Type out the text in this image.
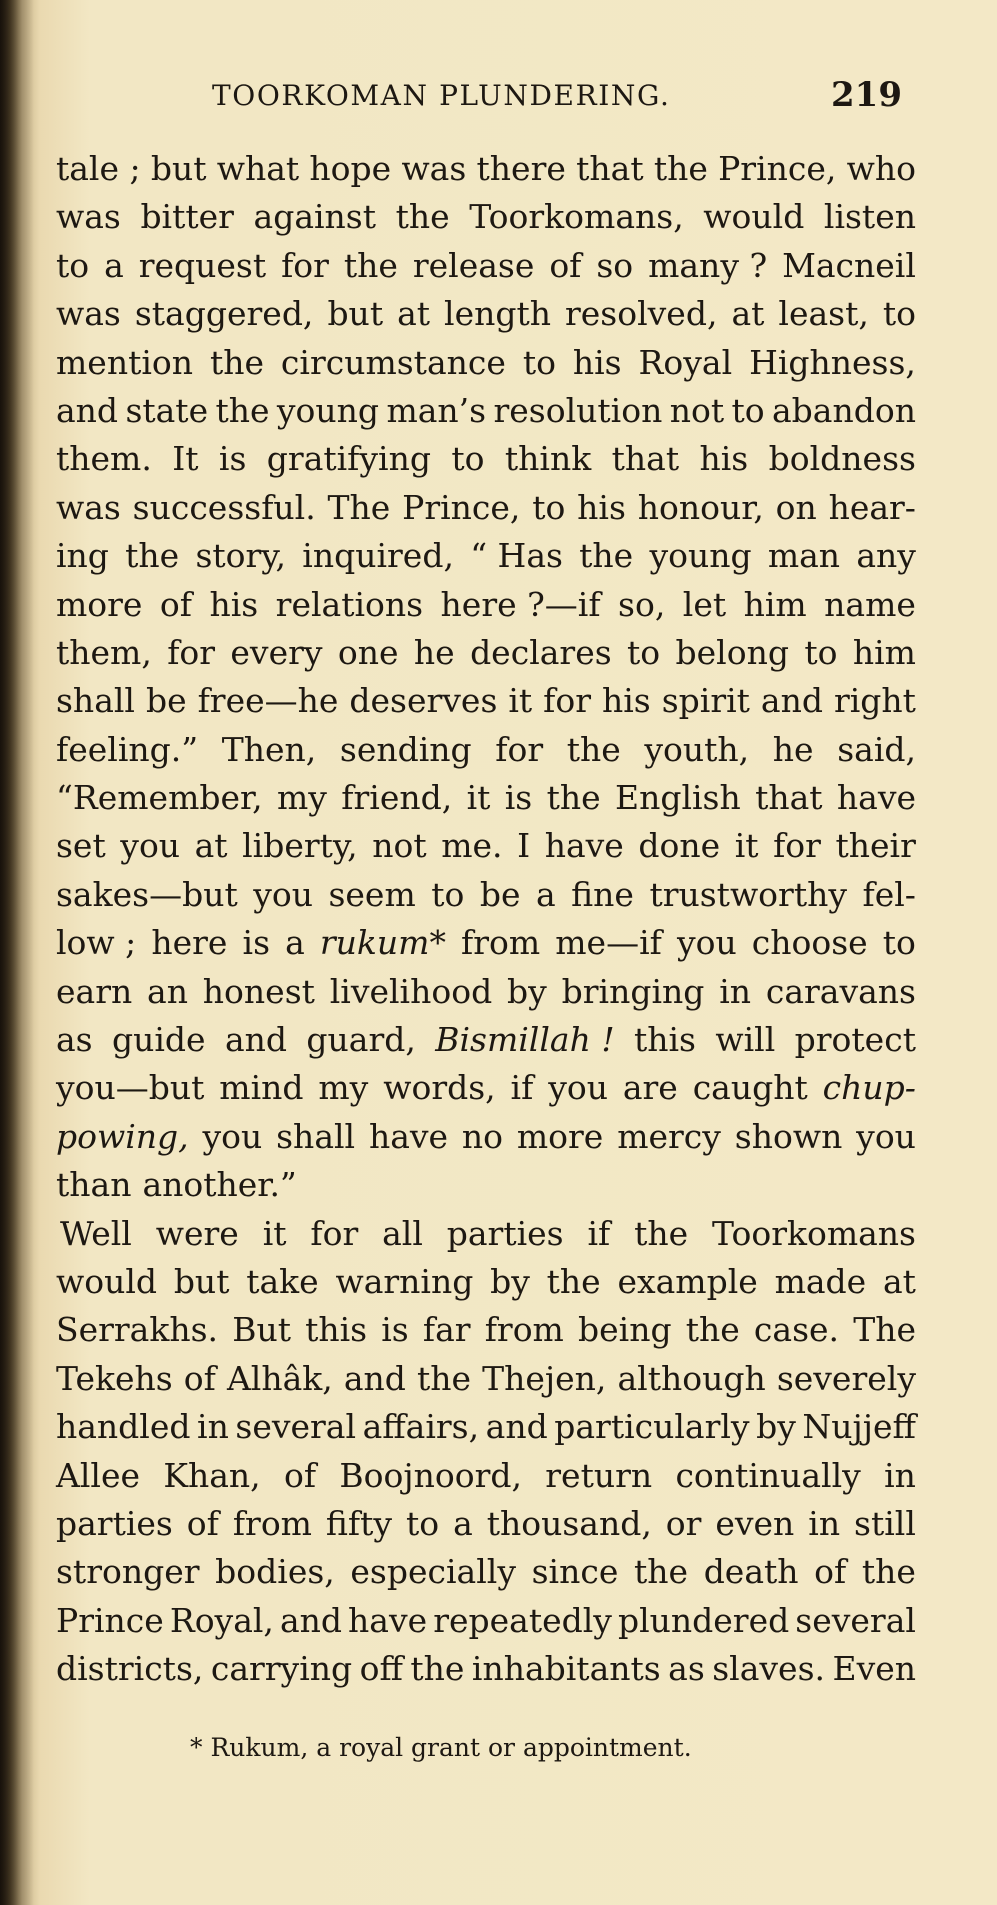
TOORKOMAN PLUNDERING.	219
tale ; but what hope was there that the Prince, who
was bitter against the Toorkomans, would listen
to a request for the release of so many ? Macneil
was staggered, but at length resolved, at least, to
mention the circumstance to his Royal Highness,
and state the young man’s resolution not to abandon
them. It is gratifying to think that his boldness
was successful. The Prince, to his honour, on hear-
ing the story, inquired, “ Has the young man any
more of his relations here ?—if so, let him name
them, for every one he declares to belong to him
shall be free—he deserves it for his spirit and right
feeling.” Then, sending for the youth, he said,
“Remember, my friend, it is the English that have
set you at liberty, not me. I have done it for their
sakes—but you seem to be a fine trustworthy fel-
low ; here is a rukum* from me—if you choose to
earn an honest livelihood by bringing in caravans
as guide and guard, Bismillah ! this will protect
you—but mind my words, if you are caught chup-
powing, you shall have no more mercy shown you
than another.”
Well were it for all parties if the Toorkomans
would but take warning by the example made at
Serrakhs. But this is far from being the case. The
Tekehs of Alhâk, and the Thejen, although severely
handled in several affairs, and particularly by Nujjeff
Allee Khan, of Boojnoord, return continually in
parties of from fifty to a thousand, or even in still
stronger bodies, especially since the death of the
Prince Royal, and have repeatedly plundered several
districts, carrying off the inhabitants as slaves. Even
* Rukum, a royal grant or appointment.
